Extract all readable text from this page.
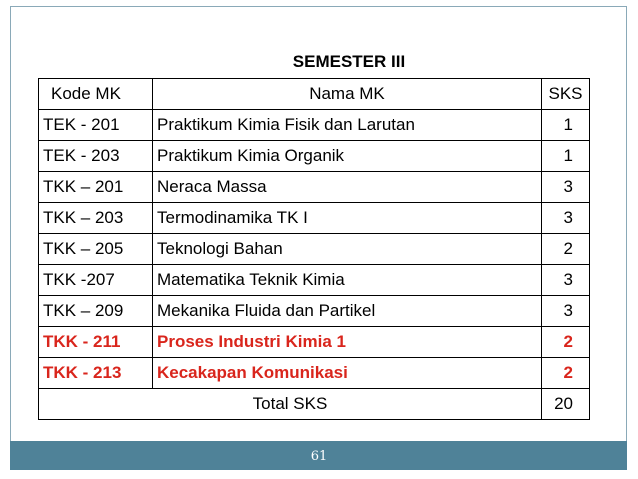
SEMESTER III
Kode MK	Nama MK	SKS
TEK - 201	Praktikum Kimia Fisik dan Larutan	1
TEK - 203	Praktikum Kimia Organik	1
TKK – 201	Neraca Massa	3
TKK – 203	Termodinamika TK I	3
TKK – 205	Teknologi Bahan	2
TKK -207	Matematika Teknik Kimia	3
TKK – 209	Mekanika Fluida dan Partikel	3
TKK - 211	Proses Industri Kimia 1	2
TKK - 213	Kecakapan Komunikasi	2
Total SKS		20
61
